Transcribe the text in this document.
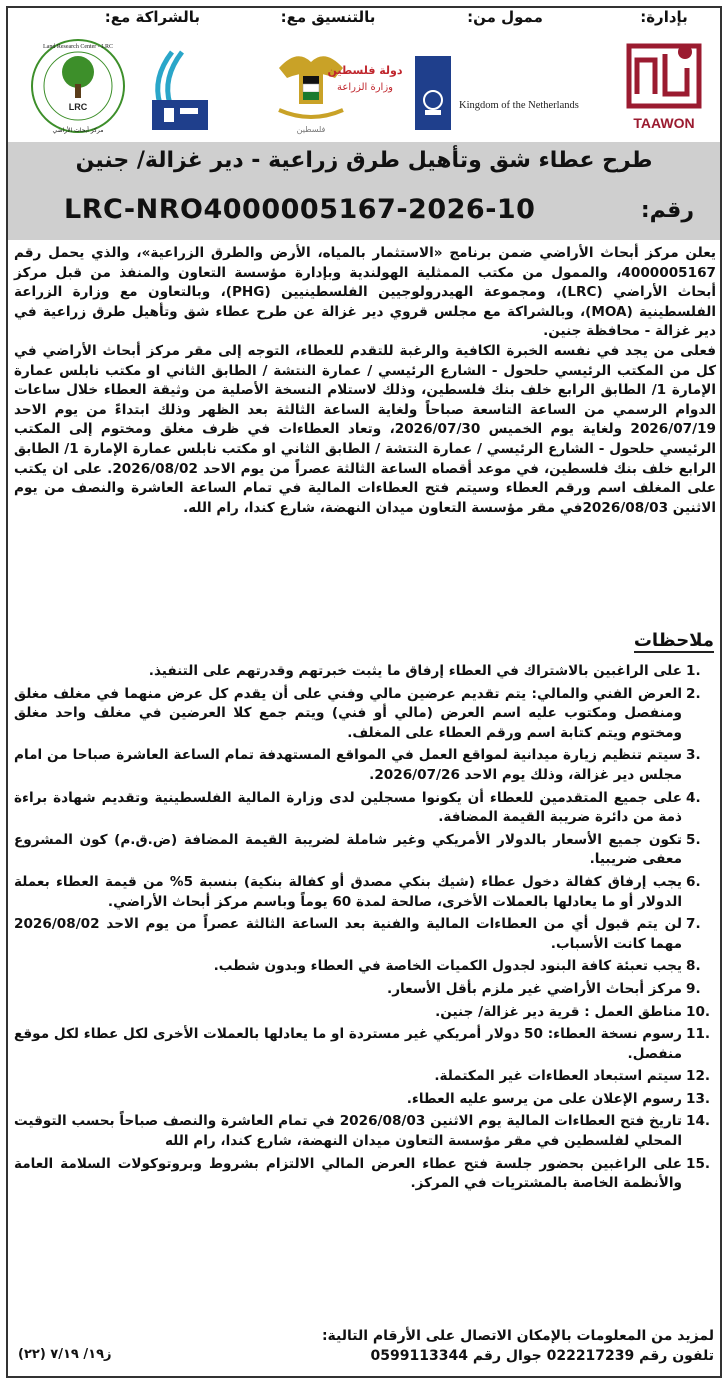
بإدارة:
TAAWON
ممول من:
Kingdom of the Netherlands
بالتنسيق مع:
دولة فلسطين
وزارة الزراعة
فلسطين
بالشراكة مع:
LRC
Land Research Center - LRC
مركز أبحاث الأراضي
طرح عطاء شق وتأهيل طرق زراعية - دير غزالة/ جنين
رقم:
LRC-NRO4000005167-2026-10

يعلن مركز أبحاث الأراضي ضمن برنامج «الاستثمار بالمياه، الأرض والطرق الزراعية»، والذي يحمل رقم 4000005167، والممول من مكتب الممثلية الهولندية وبإدارة مؤسسة التعاون والمنفذ من قبل مركز أبحاث الأراضي (LRC)، ومجموعة الهيدرولوجيين الفلسطينيين (PHG)، وبالتعاون مع وزارة الزراعة الفلسطينية (MOA)، وبالشراكة مع مجلس قروي دير غزالة عن طرح عطاء شق وتأهيل طرق زراعية في دير غزالة - محافظة جنين.

فعلى من يجد في نفسه الخبرة الكافية والرغبة للتقدم للعطاء، التوجه إلى مقر مركز أبحاث الأراضي في كل من المكتب الرئيسي حلحول - الشارع الرئيسي / عمارة النتشة / الطابق الثاني او مكتب نابلس عمارة الإمارة 1/ الطابق الرابع خلف بنك فلسطين، وذلك لاستلام النسخة الأصلية من وثيقة العطاء خلال ساعات الدوام الرسمي من الساعة التاسعة صباحاً ولغاية الساعة الثالثة بعد الظهر وذلك ابتداءً من يوم الاحد 2026/07/19 ولغاية يوم الخميس 2026/07/30، وتعاد العطاءات في ظرف مغلق ومختوم إلى المكتب الرئيسي حلحول - الشارع الرئيسي / عمارة النتشة / الطابق الثاني او مكتب نابلس عمارة الإمارة 1/ الطابق الرابع خلف بنك فلسطين، في موعد أقصاه الساعة الثالثة عصراً من يوم الاحد 2026/08/02. على ان يكتب على المغلف اسم ورقم العطاء وسيتم فتح العطاءات المالية في تمام الساعة العاشرة والنصف من يوم الاثنين 2026/08/03في مقر مؤسسة التعاون ميدان النهضة، شارع كندا، رام الله.

ملاحظات
1.
على الراغبين بالاشتراك في العطاء إرفاق ما يثبت خبرتهم وقدرتهم على التنفيذ.
2.
العرض الفني والمالي: يتم تقديم عرضين مالي وفني على أن يقدم كل عرض منهما في مغلف مغلق ومنفصل ومكتوب عليه اسم العرض (مالي أو فني) ويتم جمع كلا العرضين في مغلف واحد مغلق ومختوم ويتم كتابة اسم ورقم العطاء على المغلف.
3.
سيتم تنظيم زيارة ميدانية لمواقع العمل في المواقع المستهدفة تمام الساعة العاشرة صباحا من امام مجلس دير غزالة، وذلك يوم الاحد 2026/07/26.
4.
على جميع المتقدمين للعطاء أن يكونوا مسجلين لدى وزارة المالية الفلسطينية وتقديم شهادة براءة ذمة من دائرة ضريبة القيمة المضافة.
5.
تكون جميع الأسعار بالدولار الأمريكي وغير شاملة لضريبة القيمة المضافة (ض.ق.م) كون المشروع معفى ضريبيا.
6.
يجب إرفاق كفالة دخول عطاء (شيك بنكي مصدق أو كفالة بنكية) بنسبة 5% من قيمة العطاء بعملة الدولار أو ما يعادلها بالعملات الأخرى، صالحة لمدة 60 يوماً وباسم مركز أبحاث الأراضي.
7.
لن يتم قبول أي من العطاءات المالية والفنية بعد الساعة الثالثة عصراً من يوم الاحد 2026/08/02 مهما كانت الأسباب.
8.
يجب تعبئة كافة البنود لجدول الكميات الخاصة في العطاء وبدون شطب.
9.
مركز أبحاث الأراضي غير ملزم بأقل الأسعار.
10.
مناطق العمل : قرية دير غزالة/ جنين.
11.
رسوم نسخة العطاء: 50 دولار أمريكي غير مستردة او ما يعادلها بالعملات الأخرى لكل عطاء لكل موقع منفصل.
12.
سيتم استبعاد العطاءات غير المكتملة.
13.
رسوم الإعلان على من يرسو عليه العطاء.
14.
تاريخ فتح العطاءات المالية يوم الاثنين 2026/08/03 في تمام العاشرة والنصف صباحاً بحسب التوقيت المحلي لفلسطين في مقر مؤسسة التعاون ميدان النهضة، شارع كندا، رام الله
15.
على الراغبين بحضور جلسة فتح عطاء العرض المالي الالتزام بشروط وبروتوكولات السلامة العامة والأنظمة الخاصة بالمشتريات في المركز.
لمزيد من المعلومات بالإمكان الاتصال على الأرقام التالية:
تلفون رقم 022217239 جوال رقم 0599113344
ز١٩/ ٧/١٩ (٢٢)
